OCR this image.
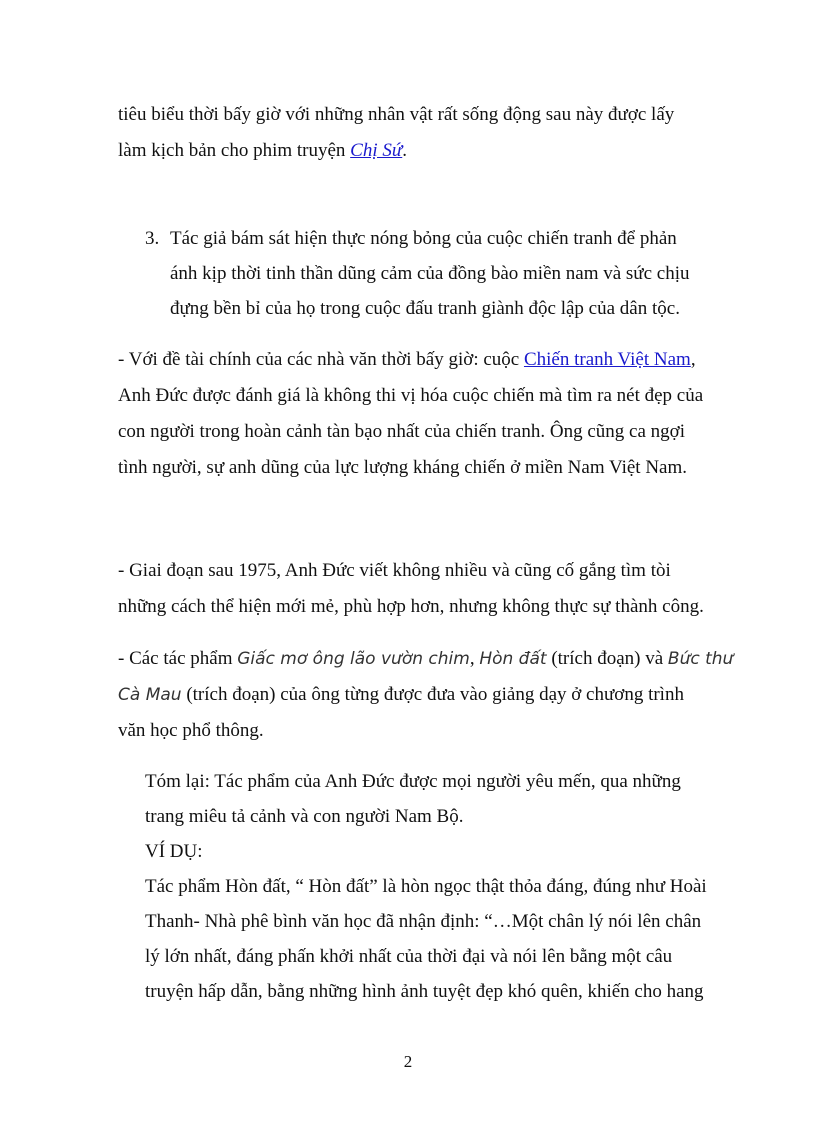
tiêu biểu thời bấy giờ với những nhân vật rất sống động sau này được lấy
làm kịch bản cho phim truyện Chị Sứ.
3. Tác giả bám sát hiện thực nóng bỏng của cuộc chiến tranh để phản
ánh kịp thời tinh thần dũng cảm của đồng bào miền nam và sức chịu
đựng bền bỉ của họ trong cuộc đấu tranh giành độc lập của dân tộc.
- Với đề tài chính của các nhà văn thời bấy giờ: cuộc Chiến tranh Việt Nam,
Anh Đức được đánh giá là không thi vị hóa cuộc chiến mà tìm ra nét đẹp của
con người trong hoàn cảnh tàn bạo nhất của chiến tranh. Ông cũng ca ngợi
tình người, sự anh dũng của lực lượng kháng chiến ở miền Nam Việt Nam.
- Giai đoạn sau 1975, Anh Đức viết không nhiều và cũng cố gắng tìm tòi
những cách thể hiện mới mẻ, phù hợp hơn, nhưng không thực sự thành công.
- Các tác phẩm Giấc mơ ông lão vườn chim, Hòn đất (trích đoạn) và Bức thư
Cà Mau (trích đoạn) của ông từng được đưa vào giảng dạy ở chương trình
văn học phổ thông.
Tóm lại: Tác phẩm của Anh Đức được mọi người yêu mến, qua những
trang miêu tả cảnh và con người Nam Bộ.
VÍ DỤ:
Tác phẩm Hòn đất, “ Hòn đất” là hòn ngọc thật thỏa đáng, đúng như Hoài
Thanh- Nhà phê bình văn học đã nhận định: “…Một chân lý nói lên chân
lý lớn nhất, đáng phấn khởi nhất của thời đại và nói lên bằng một câu
truyện hấp dẫn, bằng những hình ảnh tuyệt đẹp khó quên, khiến cho hang
2
